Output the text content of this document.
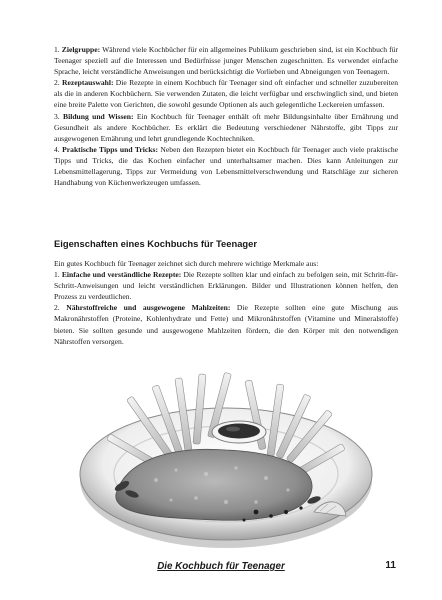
1. Zielgruppe: Während viele Kochbücher für ein allgemeines Publikum geschrieben sind, ist ein Kochbuch für Teenager speziell auf die Interessen und Bedürfnisse junger Menschen zugeschnitten. Es verwendet einfache Sprache, leicht verständliche Anweisungen und berücksichtigt die Vorlieben und Abneigungen von Teenagern.

2. Rezeptauswahl: Die Rezepte in einem Kochbuch für Teenager sind oft einfacher und schneller zuzubereiten als die in anderen Kochbüchern. Sie verwenden Zutaten, die leicht verfügbar und erschwinglich sind, und bieten eine breite Palette von Gerichten, die sowohl gesunde Optionen als auch gelegentliche Leckereien umfassen.

3. Bildung und Wissen: Ein Kochbuch für Teenager enthält oft mehr Bildungsinhalte über Ernährung und Gesundheit als andere Kochbücher. Es erklärt die Bedeutung verschiedener Nährstoffe, gibt Tipps zur ausgewogenen Ernährung und lehrt grundlegende Kochtechniken.

4. Praktische Tipps und Tricks: Neben den Rezepten bietet ein Kochbuch für Teenager auch viele praktische Tipps und Tricks, die das Kochen einfacher und unterhaltsamer machen. Dies kann Anleitungen zur Lebensmittellagerung, Tipps zur Vermeidung von Lebensmittelverschwendung und Ratschläge zur sicheren Handhabung von Küchenwerkzeugen umfassen.

Eigenschaften eines Kochbuchs für Teenager

Ein gutes Kochbuch für Teenager zeichnet sich durch mehrere wichtige Merkmale aus:

1. Einfache und verständliche Rezepte: Die Rezepte sollten klar und einfach zu befolgen sein, mit Schritt-für-Schritt-Anweisungen und leicht verständlichen Erklärungen. Bilder und Illustrationen können helfen, den Prozess zu verdeutlichen.

2. Nährstoffreiche und ausgewogene Mahlzeiten: Die Rezepte sollten eine gute Mischung aus Makronährstoffen (Proteine, Kohlenhydrate und Fette) und Mikronährstoffen (Vitamine und Mineralstoffe) bieten. Sie sollten gesunde und ausgewogene Mahlzeiten fördern, die den Körper mit den notwendigen Nährstoffen versorgen.

Die Kochbuch für Teenager	11
